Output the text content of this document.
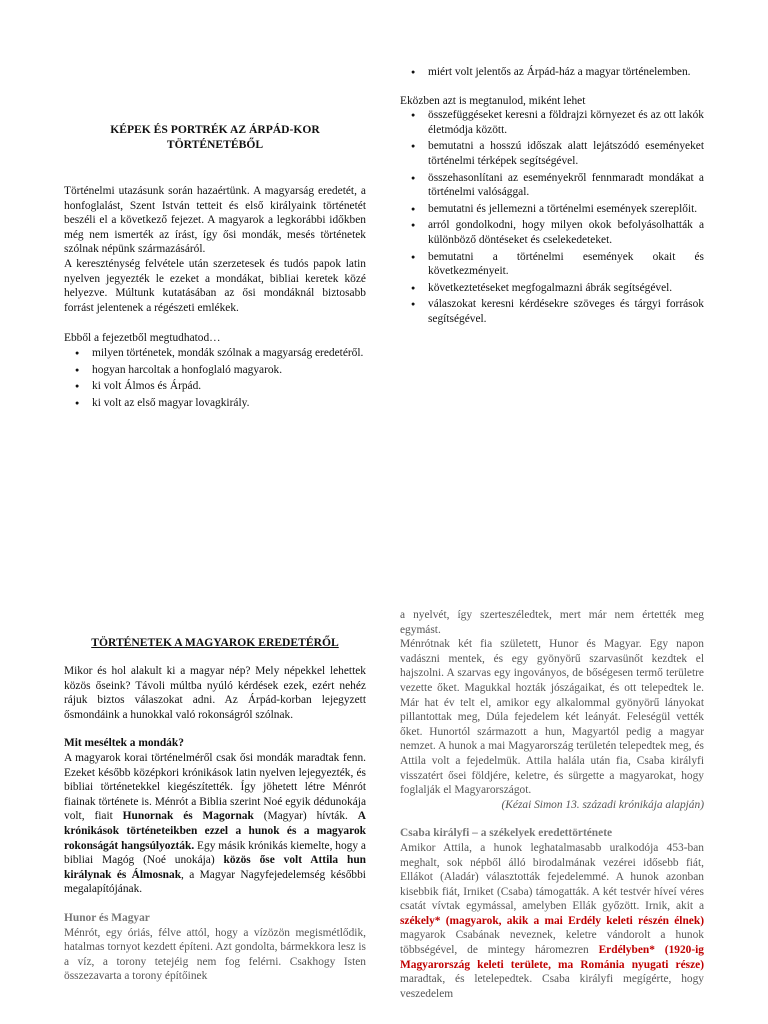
KÉPEK ÉS PORTRÉK AZ ÁRPÁD-KOR
TÖRTÉNETÉBŐL

Történelmi utazásunk során hazaértünk. A magyarság eredetét, a honfoglalást, Szent István tetteit és első királyaink történetét beszéli el a következő fejezet. A magyarok a legkorábbi időkben még nem ismerték az írást, így ősi mondák, mesés történetek szólnak népünk származásáról.

A kereszténység felvétele után szerzetesek és tudós papok latin nyelven jegyezték le ezeket a mondákat, bibliai keretek közé helyezve. Múltunk kutatásában az ősi mondáknál biztosabb forrást jelentenek a régészeti emlékek.

Ebből a fejezetből megtudhatod…

● milyen történetek, mondák szólnak a magyarság eredetéről.
● hogyan harcoltak a honfoglaló magyarok.
● ki volt Álmos és Árpád.
● ki volt az első magyar lovagkirály.
● miért volt jelentős az Árpád-ház a magyar történelemben.

Eközben azt is megtanulod, miként lehet

● összefüggéseket keresni a földrajzi környezet és az ott lakók életmódja között.
● bemutatni a hosszú időszak alatt lejátszódó eseményeket történelmi térképek segítségével.
● összehasonlítani az eseményekről fennmaradt mondákat a történelmi valósággal.
● bemutatni és jellemezni a történelmi események szereplőit.
● arról gondolkodni, hogy milyen okok befolyásolhatták a különböző döntéseket és cselekedeteket.
● bemutatni a történelmi események okait és következményeit.
● következtetéseket megfogalmazni ábrák segítségével.
● válaszokat keresni kérdésekre szöveges és tárgyi források segítségével.

TÖRTÉNETEK A MAGYAROK EREDETÉRŐL

Mikor és hol alakult ki a magyar nép? Mely népekkel lehettek közös őseink? Távoli múltba nyúló kérdések ezek, ezért nehéz rájuk biztos válaszokat adni. Az Árpád-korban lejegyzett ősmondáink a hunokkal való rokonságról szólnak.

Mit meséltek a mondák?

A magyarok korai történelméről csak ősi mondák maradtak fenn. Ezeket később középkori krónikások latin nyelven lejegyezték, és bibliai történetekkel kiegészítették. Így jöhetett létre Ménrót fiainak története is. Ménrót a Biblia szerint Noé egyik dédunokája volt, fiait Hunornak és Magornak (Magyar) hívták. A krónikások történeteikben ezzel a hunok és a magyarok rokonságát hangsúlyozták. Egy másik krónikás kiemelte, hogy a bibliai Magóg (Noé unokája) közös őse volt Attila hun királynak és Álmosnak, a Magyar Nagyfejedelemség későbbi megalapítójának.

Hunor és Magyar

Ménrót, egy óriás, félve attól, hogy a vízözön megismétlődik, hatalmas tornyot kezdett építeni. Azt gondolta, bármekkora lesz is a víz, a torony tetejéig nem fog felérni. Csakhogy Isten összezavarta a torony építőinek

a nyelvét, így szerteszéledtek, mert már nem értették meg egymást.

Ménrótnak két fia született, Hunor és Magyar. Egy napon vadászni mentek, és egy gyönyörű szarvasünőt kezdtek el hajszolni. A szarvas egy ingoványos, de bőségesen termő területre vezette őket. Magukkal hozták jószágaikat, és ott telepedtek le. Már hat év telt el, amikor egy alkalommal gyönyörű lányokat pillantottak meg, Dúla fejedelem két leányát. Feleségül vették őket. Hunortól származott a hun, Magyartól pedig a magyar nemzet. A hunok a mai Magyarország területén telepedtek meg, és Attila volt a fejedelmük. Attila halála után fia, Csaba királyfi visszatért ősei földjére, keletre, és sürgette a magyarokat, hogy foglalják el Magyarországot.

(Kézai Simon 13. századi krónikája alapján)

Csaba királyfi – a székelyek eredettörténete

Amikor Attila, a hunok leghatalmasabb uralkodója 453-ban meghalt, sok népből álló birodalmának vezérei idősebb fiát, Ellákot (Aladár) választották fejedelemmé. A hunok azonban kisebbik fiát, Irniket (Csaba) támogatták. A két testvér híveí véres csatát vívtak egymással, amelyben Ellák győzött. Irnik, akit a székely* (magyarok, akik a mai Erdély keleti részén élnek) magyarok Csabának neveznek, keletre vándorolt a hunok többségével, de mintegy háromezren Erdélyben* (1920-ig Magyarország keleti területe, ma Románia nyugati része) maradtak, és letelepedtek. Csaba királyfi megígérte, hogy veszedelem
